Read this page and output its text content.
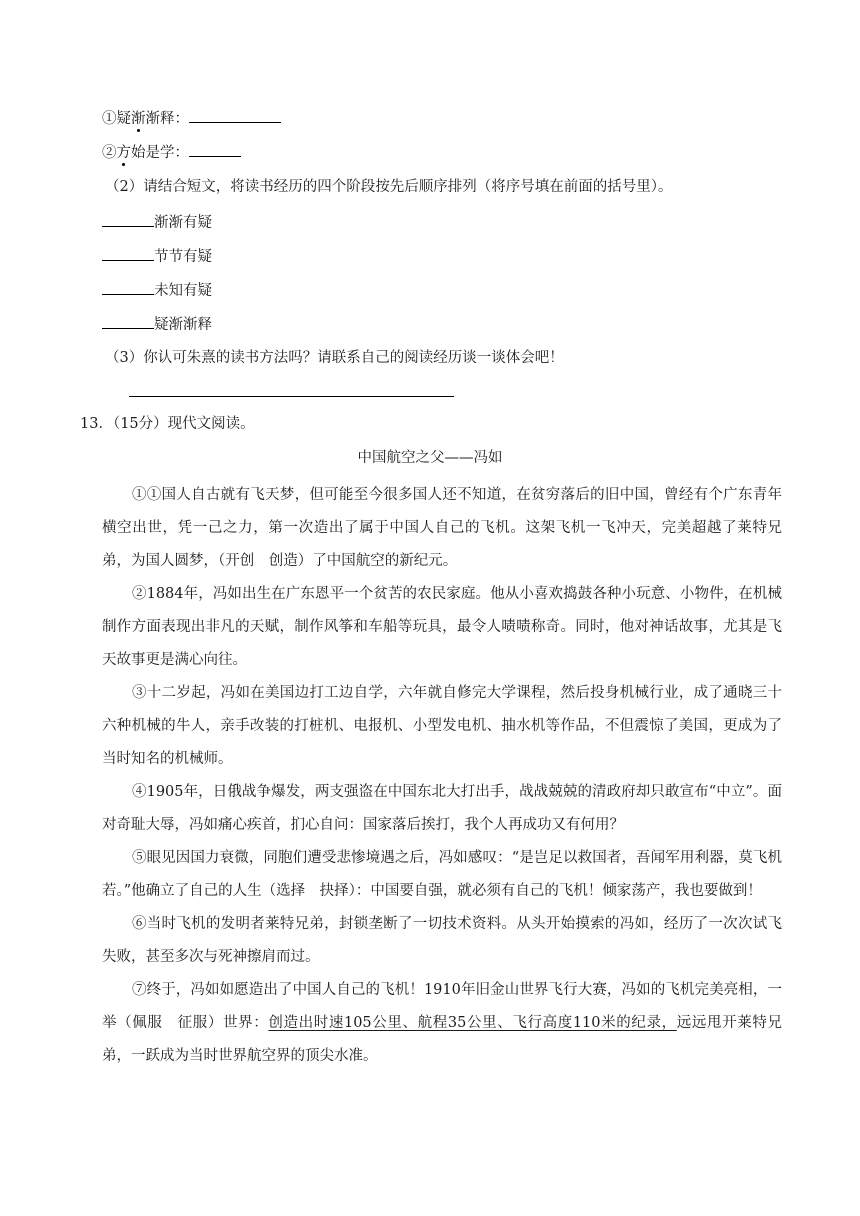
①疑渐渐释：
②方始是学：
（2）请结合短文，将读书经历的四个阶段按先后顺序排列（将序号填在前面的括号里）。
渐渐有疑
节节有疑
未知有疑
疑渐渐释
（3）你认可朱熹的读书方法吗？请联系自己的阅读经历谈一谈体会吧！
13．（15分）现代文阅读。
中国航空之父——冯如

①①国人自古就有飞天梦，但可能至今很多国人还不知道，在贫穷落后的旧中国，曾经有个广东青年横空出世，凭一己之力，第一次造出了属于中国人自己的飞机。这架飞机一飞冲天，完美超越了莱特兄弟，为国人圆梦，（开创　创造）了中国航空的新纪元。

②1884年，冯如出生在广东恩平一个贫苦的农民家庭。他从小喜欢捣鼓各种小玩意、小物件，在机械制作方面表现出非凡的天赋，制作风筝和车船等玩具，最令人啧啧称奇。同时，他对神话故事，尤其是飞天故事更是满心向往。

③十二岁起，冯如在美国边打工边自学，六年就自修完大学课程，然后投身机械行业，成了通晓三十六种机械的牛人，亲手改装的打桩机、电报机、小型发电机、抽水机等作品，不但震惊了美国，更成为了当时知名的机械师。

④1905年，日俄战争爆发，两支强盗在中国东北大打出手，战战兢兢的清政府却只敢宣布“中立”。面对奇耻大辱，冯如痛心疾首，扪心自问：国家落后挨打，我个人再成功又有何用？

⑤眼见因国力衰微，同胞们遭受悲惨境遇之后，冯如感叹：“是岂足以救国者，吾闻军用利器，莫飞机若。”他确立了自己的人生（选择　抉择）：中国要自强，就必须有自己的飞机！倾家荡产，我也要做到！

⑥当时飞机的发明者莱特兄弟，封锁垄断了一切技术资料。从头开始摸索的冯如，经历了一次次试飞失败，甚至多次与死神擦肩而过。

⑦终于，冯如如愿造出了中国人自己的飞机！1910年旧金山世界飞行大赛，冯如的飞机完美亮相，一举（佩服　征服）世界：创造出时速105公里、航程35公里、飞行高度110米的纪录，远远甩开莱特兄弟，一跃成为当时世界航空界的顶尖水准。
